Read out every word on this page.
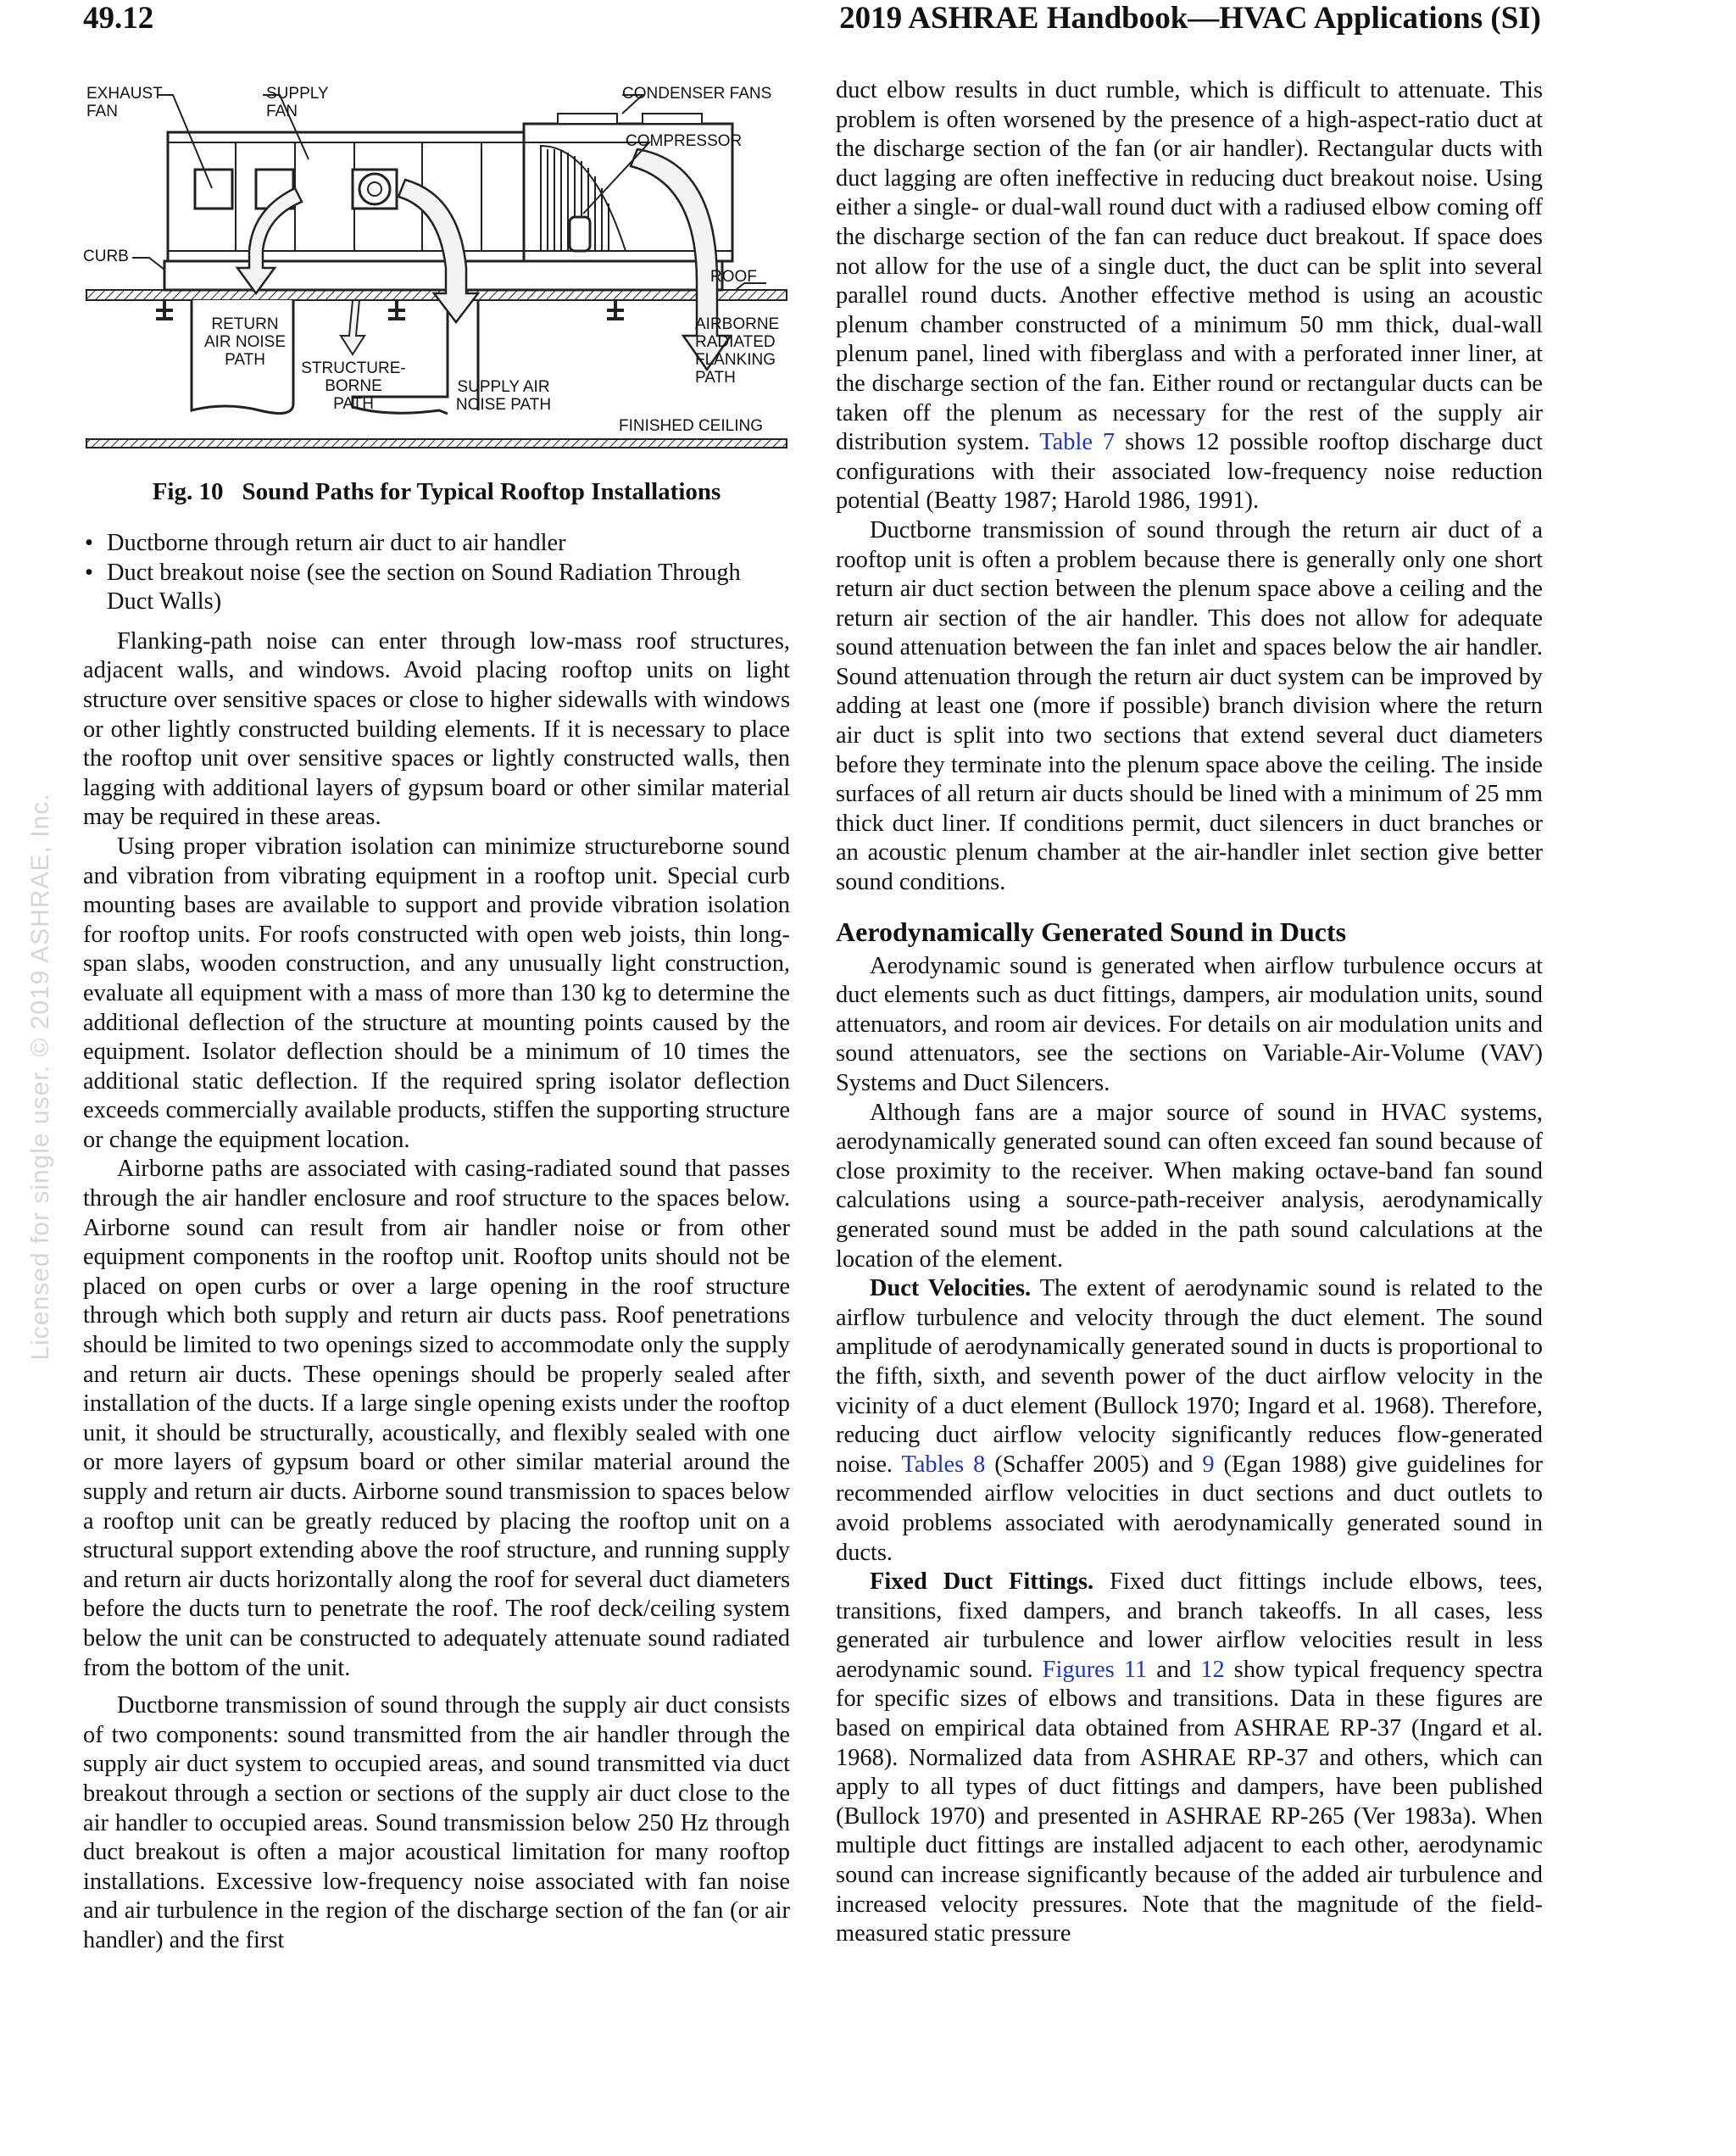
49.12	2019 ASHRAE Handbook—HVAC Applications (SI)
Licensed for single user. © 2019 ASHRAE, Inc.
EXHAUST
FAN
SUPPLY
FAN
CONDENSER FANS
COMPRESSOR
CURB
ROOF
RETURN
AIR NOISE
PATH	STRUCTURE-
BORNE
PATH
SUPPLY AIR
NOISE PATH
AIRBORNE
RADIATED
FLANKING
PATH
FINISHED CEILING
Fig. 10 Sound Paths for Typical Rooftop Installations
• Ductborne through return air duct to air handler
• Duct breakout noise (see the section on Sound Radiation Through Duct Walls)

Flanking-path noise can enter through low-mass roof structures, adjacent walls, and windows. Avoid placing rooftop units on light structure over sensitive spaces or close to higher sidewalls with windows or other lightly constructed building elements. If it is necessary to place the rooftop unit over sensitive spaces or lightly constructed walls, then lagging with additional layers of gypsum board or other similar material may be required in these areas.

Using proper vibration isolation can minimize structureborne sound and vibration from vibrating equipment in a rooftop unit. Special curb mounting bases are available to support and provide vibration isolation for rooftop units. For roofs constructed with open web joists, thin long-span slabs, wooden construction, and any unusually light construction, evaluate all equipment with a mass of more than 130 kg to determine the additional deflection of the structure at mounting points caused by the equipment. Isolator deflection should be a minimum of 10 times the additional static deflection. If the required spring isolator deflection exceeds commercially available products, stiffen the supporting structure or change the equipment location.

Airborne paths are associated with casing-radiated sound that passes through the air handler enclosure and roof structure to the spaces below. Airborne sound can result from air handler noise or from other equipment components in the rooftop unit. Rooftop units should not be placed on open curbs or over a large opening in the roof structure through which both supply and return air ducts pass. Roof penetrations should be limited to two openings sized to accommodate only the supply and return air ducts. These openings should be properly sealed after installation of the ducts. If a large single opening exists under the rooftop unit, it should be structurally, acoustically, and flexibly sealed with one or more layers of gypsum board or other similar material around the supply and return air ducts. Airborne sound transmission to spaces below a rooftop unit can be greatly reduced by placing the rooftop unit on a structural support extending above the roof structure, and running supply and return air ducts horizontally along the roof for several duct diameters before the ducts turn to penetrate the roof. The roof deck/ceiling system below the unit can be constructed to adequately attenuate sound radiated from the bottom of the unit.

Ductborne transmission of sound through the supply air duct consists of two components: sound transmitted from the air handler through the supply air duct system to occupied areas, and sound transmitted via duct breakout through a section or sections of the supply air duct close to the air handler to occupied areas. Sound transmission below 250 Hz through duct breakout is often a major acoustical limitation for many rooftop installations. Excessive low-frequency noise associated with fan noise and air turbulence in the region of the discharge section of the fan (or air handler) and the first

duct elbow results in duct rumble, which is difficult to attenuate. This problem is often worsened by the presence of a high-aspect-ratio duct at the discharge section of the fan (or air handler). Rectangular ducts with duct lagging are often ineffective in reducing duct breakout noise. Using either a single- or dual-wall round duct with a radiused elbow coming off the discharge section of the fan can reduce duct breakout. If space does not allow for the use of a single duct, the duct can be split into several parallel round ducts. Another effective method is using an acoustic plenum chamber constructed of a minimum 50 mm thick, dual-wall plenum panel, lined with fiberglass and with a perforated inner liner, at the discharge section of the fan. Either round or rectangular ducts can be taken off the plenum as necessary for the rest of the supply air distribution system. Table 7 shows 12 possible rooftop discharge duct configurations with their associated low-frequency noise reduction potential (Beatty 1987; Harold 1986, 1991).

Ductborne transmission of sound through the return air duct of a rooftop unit is often a problem because there is generally only one short return air duct section between the plenum space above a ceiling and the return air section of the air handler. This does not allow for adequate sound attenuation between the fan inlet and spaces below the air handler. Sound attenuation through the return air duct system can be improved by adding at least one (more if possible) branch division where the return air duct is split into two sections that extend several duct diameters before they terminate into the plenum space above the ceiling. The inside surfaces of all return air ducts should be lined with a minimum of 25 mm thick duct liner. If conditions permit, duct silencers in duct branches or an acoustic plenum chamber at the air-handler inlet section give better sound conditions.

Aerodynamically Generated Sound in Ducts

Aerodynamic sound is generated when airflow turbulence occurs at duct elements such as duct fittings, dampers, air modulation units, sound attenuators, and room air devices. For details on air modulation units and sound attenuators, see the sections on Variable-Air-Volume (VAV) Systems and Duct Silencers.

Although fans are a major source of sound in HVAC systems, aerodynamically generated sound can often exceed fan sound because of close proximity to the receiver. When making octave-band fan sound calculations using a source-path-receiver analysis, aerodynamically generated sound must be added in the path sound calculations at the location of the element.

Duct Velocities. The extent of aerodynamic sound is related to the airflow turbulence and velocity through the duct element. The sound amplitude of aerodynamically generated sound in ducts is proportional to the fifth, sixth, and seventh power of the duct airflow velocity in the vicinity of a duct element (Bullock 1970; Ingard et al. 1968). Therefore, reducing duct airflow velocity significantly reduces flow-generated noise. Tables 8 (Schaffer 2005) and 9 (Egan 1988) give guidelines for recommended airflow velocities in duct sections and duct outlets to avoid problems associated with aerodynamically generated sound in ducts.

Fixed Duct Fittings. Fixed duct fittings include elbows, tees, transitions, fixed dampers, and branch takeoffs. In all cases, less generated air turbulence and lower airflow velocities result in less aerodynamic sound. Figures 11 and 12 show typical frequency spectra for specific sizes of elbows and transitions. Data in these figures are based on empirical data obtained from ASHRAE RP-37 (Ingard et al. 1968). Normalized data from ASHRAE RP-37 and others, which can apply to all types of duct fittings and dampers, have been published (Bullock 1970) and presented in ASHRAE RP-265 (Ver 1983a). When multiple duct fittings are installed adjacent to each other, aerodynamic sound can increase significantly because of the added air turbulence and increased velocity pressures. Note that the magnitude of the field-measured static pressure
